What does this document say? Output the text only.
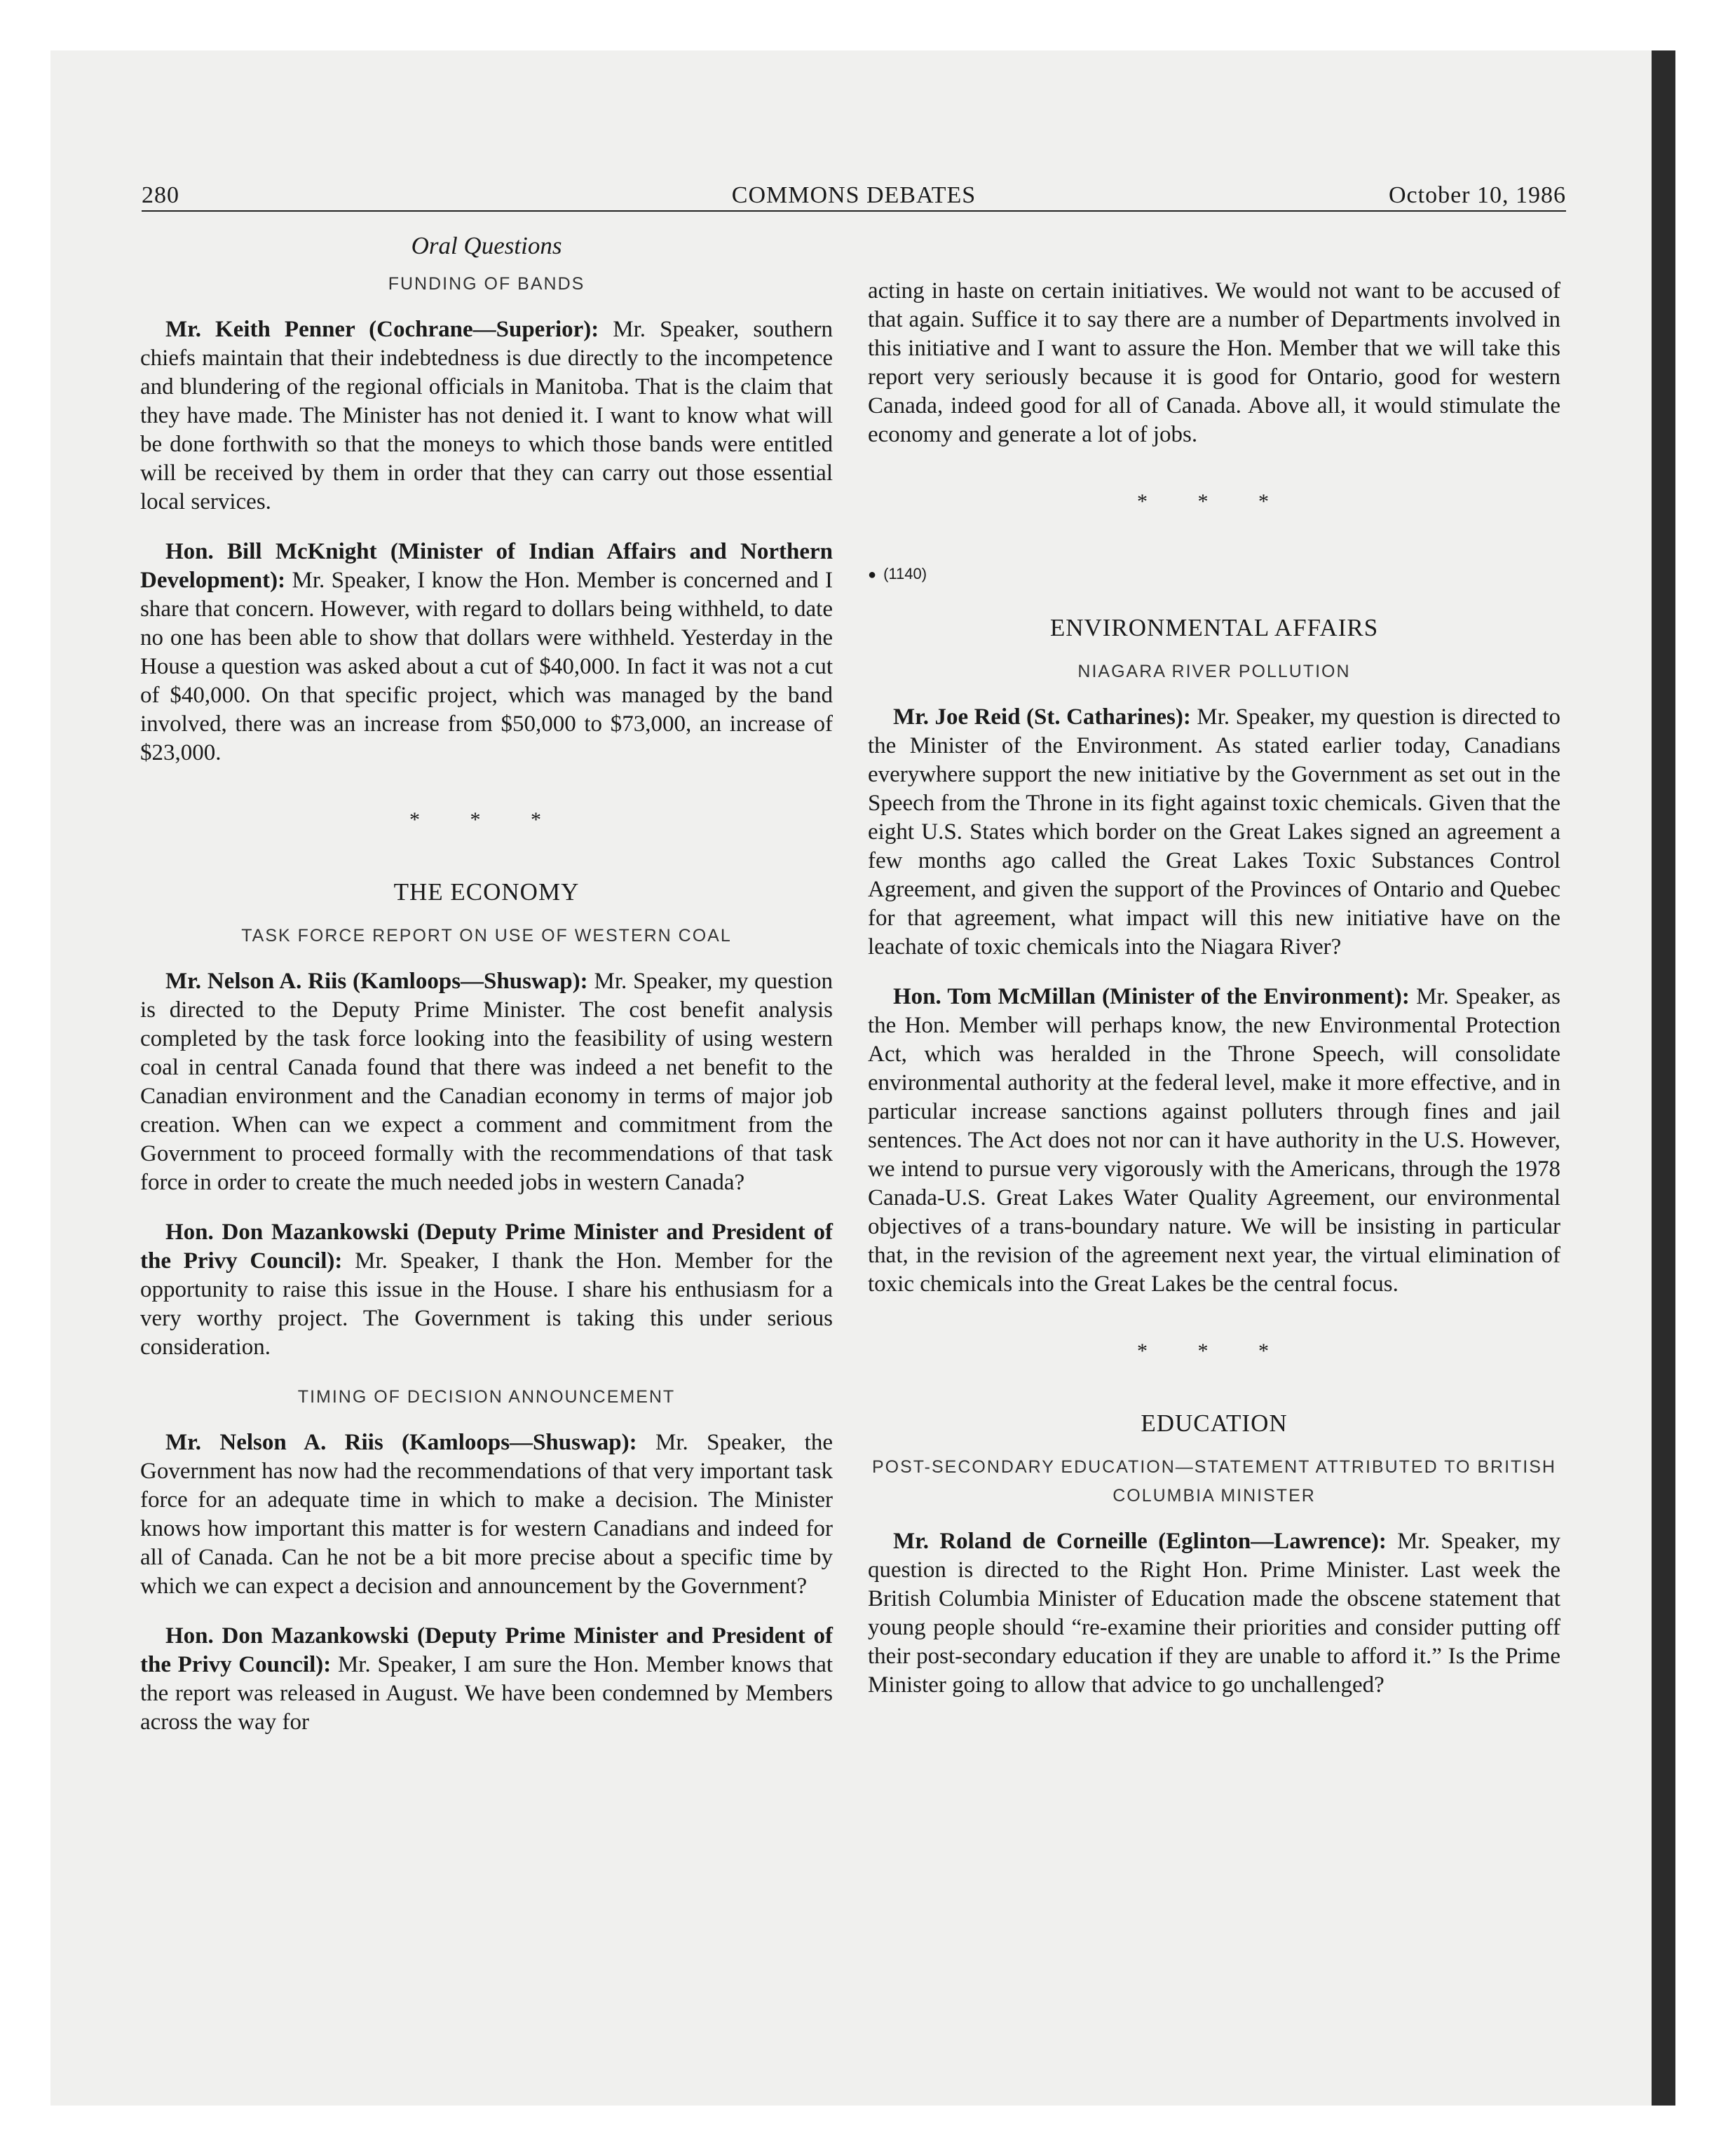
280	COMMONS DEBATES	October 10, 1986
Oral Questions
FUNDING OF BANDS

Mr. Keith Penner (Cochrane—Superior): Mr. Speaker, southern chiefs maintain that their indebtedness is due directly to the incompetence and blundering of the regional officials in Manitoba. That is the claim that they have made. The Minister has not denied it. I want to know what will be done forthwith so that the moneys to which those bands were entitled will be received by them in order that they can carry out those essential local services.

Hon. Bill McKnight (Minister of Indian Affairs and Northern Development): Mr. Speaker, I know the Hon. Member is concerned and I share that concern. However, with regard to dollars being withheld, to date no one has been able to show that dollars were withheld. Yesterday in the House a question was asked about a cut of $40,000. In fact it was not a cut of $40,000. On that specific project, which was managed by the band involved, there was an increase from $50,000 to $73,000, an increase of $23,000.

* * *
THE ECONOMY
TASK FORCE REPORT ON USE OF WESTERN COAL

Mr. Nelson A. Riis (Kamloops—Shuswap): Mr. Speaker, my question is directed to the Deputy Prime Minister. The cost benefit analysis completed by the task force looking into the feasibility of using western coal in central Canada found that there was indeed a net benefit to the Canadian environment and the Canadian economy in terms of major job creation. When can we expect a comment and commitment from the Government to proceed formally with the recommendations of that task force in order to create the much needed jobs in western Canada?

Hon. Don Mazankowski (Deputy Prime Minister and President of the Privy Council): Mr. Speaker, I thank the Hon. Member for the opportunity to raise this issue in the House. I share his enthusiasm for a very worthy project. The Government is taking this under serious consideration.

TIMING OF DECISION ANNOUNCEMENT

Mr. Nelson A. Riis (Kamloops—Shuswap): Mr. Speaker, the Government has now had the recommendations of that very important task force for an adequate time in which to make a decision. The Minister knows how important this matter is for western Canadians and indeed for all of Canada. Can he not be a bit more precise about a specific time by which we can expect a decision and announcement by the Government?

Hon. Don Mazankowski (Deputy Prime Minister and President of the Privy Council): Mr. Speaker, I am sure the Hon. Member knows that the report was released in August. We have been condemned by Members across the way for

acting in haste on certain initiatives. We would not want to be accused of that again. Suffice it to say there are a number of Departments involved in this initiative and I want to assure the Hon. Member that we will take this report very seriously because it is good for Ontario, good for western Canada, indeed good for all of Canada. Above all, it would stimulate the economy and generate a lot of jobs.

* * *
● (1140)
ENVIRONMENTAL AFFAIRS
NIAGARA RIVER POLLUTION

Mr. Joe Reid (St. Catharines): Mr. Speaker, my question is directed to the Minister of the Environment. As stated earlier today, Canadians everywhere support the new initiative by the Government as set out in the Speech from the Throne in its fight against toxic chemicals. Given that the eight U.S. States which border on the Great Lakes signed an agreement a few months ago called the Great Lakes Toxic Substances Control Agreement, and given the support of the Provinces of Ontario and Quebec for that agreement, what impact will this new initiative have on the leachate of toxic chemicals into the Niagara River?

Hon. Tom McMillan (Minister of the Environment): Mr. Speaker, as the Hon. Member will perhaps know, the new Environmental Protection Act, which was heralded in the Throne Speech, will consolidate environmental authority at the federal level, make it more effective, and in particular increase sanctions against polluters through fines and jail sentences. The Act does not nor can it have authority in the U.S. However, we intend to pursue very vigorously with the Americans, through the 1978 Canada-U.S. Great Lakes Water Quality Agreement, our environmental objectives of a trans-boundary nature. We will be insisting in particular that, in the revision of the agreement next year, the virtual elimination of toxic chemicals into the Great Lakes be the central focus.

* * *
EDUCATION
POST-SECONDARY EDUCATION—STATEMENT ATTRIBUTED TO BRITISH COLUMBIA MINISTER

Mr. Roland de Corneille (Eglinton—Lawrence): Mr. Speaker, my question is directed to the Right Hon. Prime Minister. Last week the British Columbia Minister of Education made the obscene statement that young people should “re-examine their priorities and consider putting off their post-secondary education if they are unable to afford it.” Is the Prime Minister going to allow that advice to go unchallenged?
